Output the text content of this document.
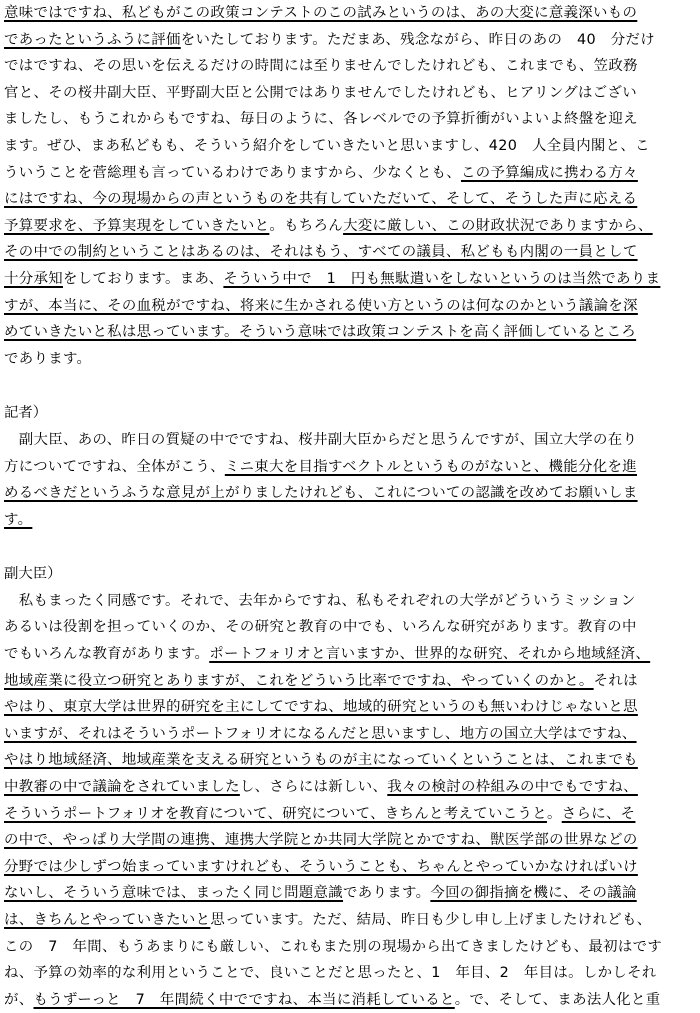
意味ではですね、私どもがこの政策コンテストのこの試みというのは、あの大変に意義深いもの
であったというふうに評価をいたしております。ただまあ、残念ながら、昨日のあの　40　分だけ
ではですね、その思いを伝えるだけの時間には至りませんでしたけれども、これまでも、笠政務
官と、その桜井副大臣、平野副大臣と公開ではありませんでしたけれども、ヒアリングはござい
ましたし、もうこれからもですね、毎日のように、各レベルでの予算折衝がいよいよ終盤を迎え
ます。ぜひ、まあ私どもも、そういう紹介をしていきたいと思いますし、420　人全員内閣と、こ
ういうことを菅総理も言っているわけでありますから、少なくとも、この予算編成に携わる方々
にはですね、今の現場からの声というものを共有していただいて、そして、そうした声に応える
予算要求を、予算実現をしていきたいと。もちろん大変に厳しい、この財政状況でありますから、
その中での制約ということはあるのは、それはもう、すべての議員、私どもも内閣の一員として
十分承知をしております。まあ、そういう中で　1　円も無駄遣いをしないというのは当然でありま
すが、本当に、その血税がですね、将来に生かされる使い方というのは何なのかという議論を深
めていきたいと私は思っています。そういう意味では政策コンテストを高く評価しているところ
であります。

記者）

　副大臣、あの、昨日の質疑の中でですね、桜井副大臣からだと思うんですが、国立大学の在り
方についてですね、全体がこう、ミニ東大を目指すベクトルというものがないと、機能分化を進
めるべきだというふうな意見が上がりましたけれども、これについての認識を改めてお願いしま
す。

副大臣）

　私もまったく同感です。それで、去年からですね、私もそれぞれの大学がどういうミッション
あるいは役割を担っていくのか、その研究と教育の中でも、いろんな研究があります。教育の中
でもいろんな教育があります。ポートフォリオと言いますか、世界的な研究、それから地域経済、
地域産業に役立つ研究とありますが、これをどういう比率でですね、やっていくのかと。それは
やはり、東京大学は世界的研究を主にしてですね、地域的研究というのも無いわけじゃないと思
いますが、それはそういうポートフォリオになるんだと思いますし、地方の国立大学はですね、
やはり地域経済、地域産業を支える研究というものが主になっていくということは、これまでも
中教審の中で議論をされていましたし、さらには新しい、我々の検討の枠組みの中でもですね、
そういうポートフォリオを教育について、研究について、きちんと考えていこうと。さらに、そ
の中で、やっぱり大学間の連携、連携大学院とか共同大学院とかですね、獣医学部の世界などの
分野では少しずつ始まっていますけれども、そういうことも、ちゃんとやっていかなければいけ
ないし、そういう意味では、まったく同じ問題意識であります。今回の御指摘を機に、その議論
は、きちんとやっていきたいと思っています。ただ、結局、昨日も少し申し上げましたけれども、
この　7　年間、もうあまりにも厳しい、これもまた別の現場から出てきましたけども、最初はです
ね、予算の効率的な利用ということで、良いことだと思ったと、1　年目、2　年目は。しかしそれ
が、もうずーっと　7　年間続く中でですね、本当に消耗していると。で、そして、まあ法人化と重
